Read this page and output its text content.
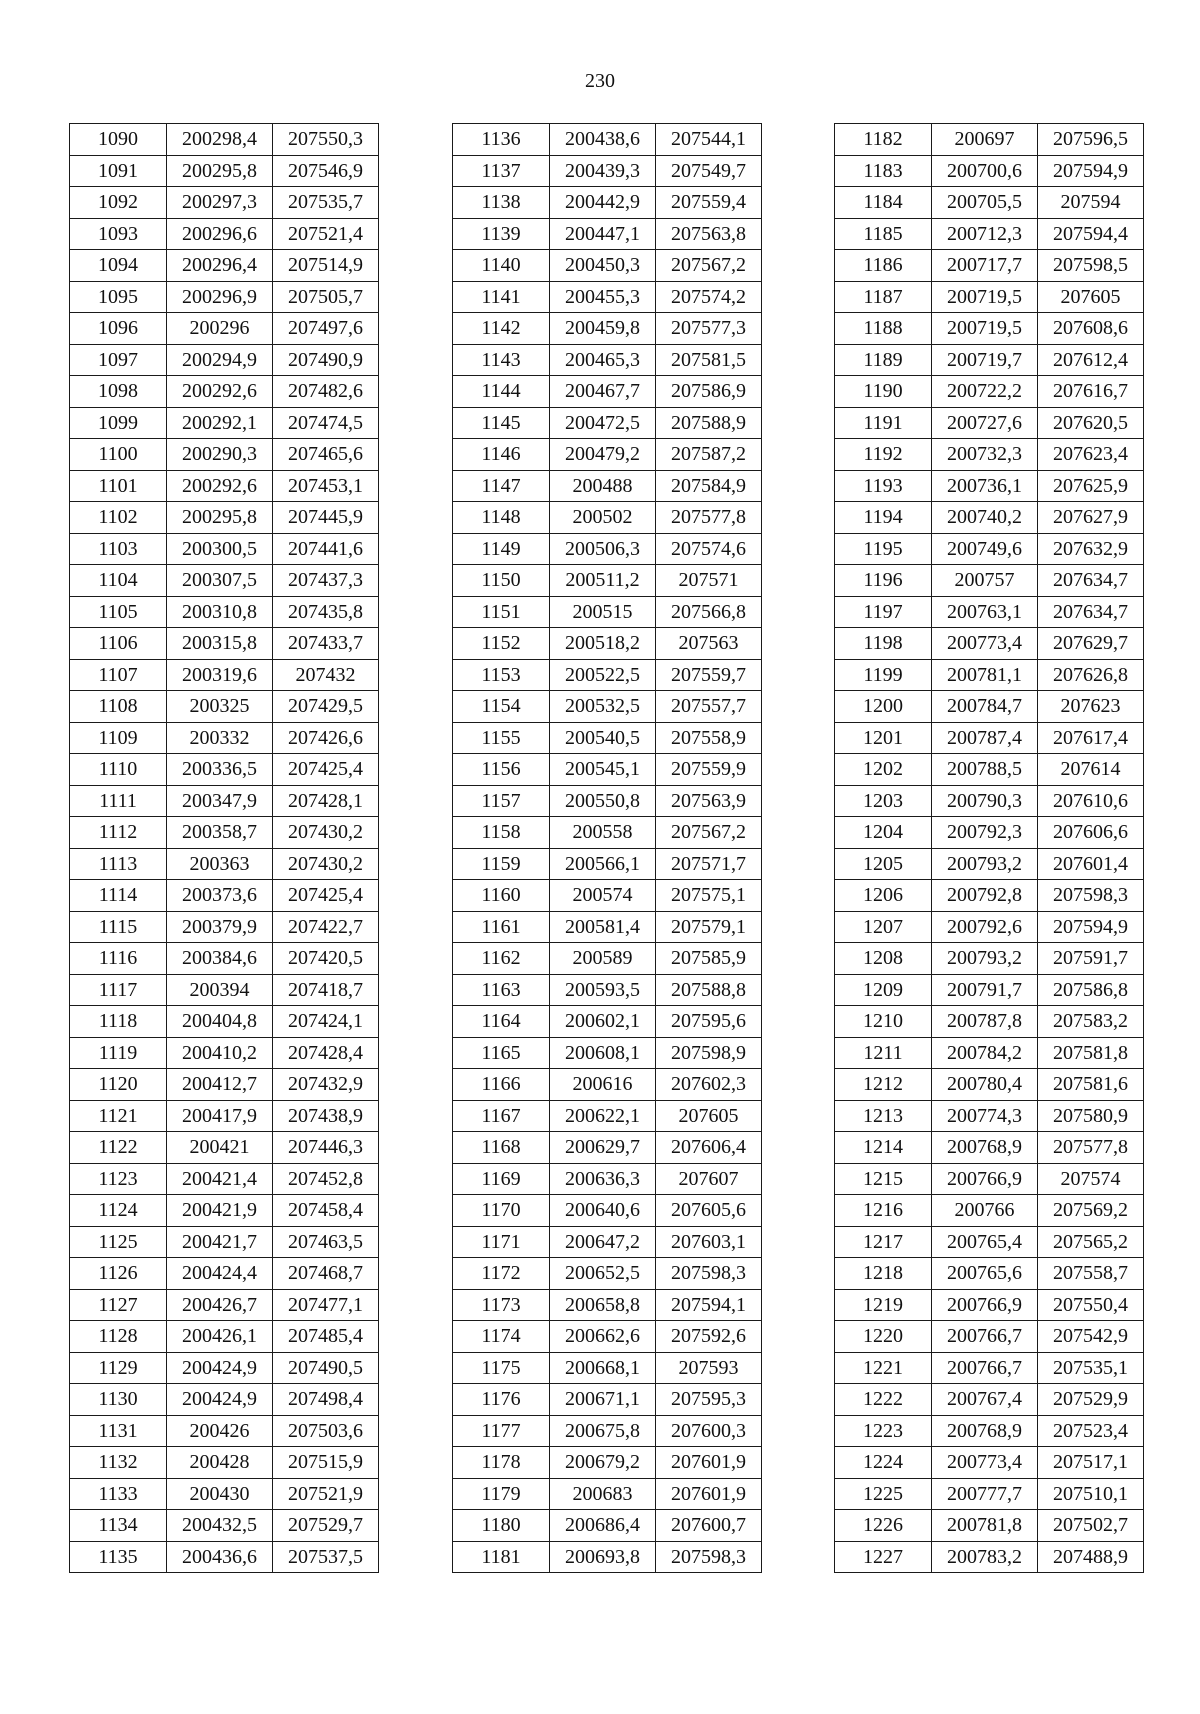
230
1090	200298,4	207550,3
1091	200295,8	207546,9
1092	200297,3	207535,7
1093	200296,6	207521,4
1094	200296,4	207514,9
1095	200296,9	207505,7
1096	200296	207497,6
1097	200294,9	207490,9
1098	200292,6	207482,6
1099	200292,1	207474,5
1100	200290,3	207465,6
1101	200292,6	207453,1
1102	200295,8	207445,9
1103	200300,5	207441,6
1104	200307,5	207437,3
1105	200310,8	207435,8
1106	200315,8	207433,7
1107	200319,6	207432
1108	200325	207429,5
1109	200332	207426,6
1110	200336,5	207425,4
1111	200347,9	207428,1
1112	200358,7	207430,2
1113	200363	207430,2
1114	200373,6	207425,4
1115	200379,9	207422,7
1116	200384,6	207420,5
1117	200394	207418,7
1118	200404,8	207424,1
1119	200410,2	207428,4
1120	200412,7	207432,9
1121	200417,9	207438,9
1122	200421	207446,3
1123	200421,4	207452,8
1124	200421,9	207458,4
1125	200421,7	207463,5
1126	200424,4	207468,7
1127	200426,7	207477,1
1128	200426,1	207485,4
1129	200424,9	207490,5
1130	200424,9	207498,4
1131	200426	207503,6
1132	200428	207515,9
1133	200430	207521,9
1134	200432,5	207529,7
1135	200436,6	207537,5
1136	200438,6	207544,1
1137	200439,3	207549,7
1138	200442,9	207559,4
1139	200447,1	207563,8
1140	200450,3	207567,2
1141	200455,3	207574,2
1142	200459,8	207577,3
1143	200465,3	207581,5
1144	200467,7	207586,9
1145	200472,5	207588,9
1146	200479,2	207587,2
1147	200488	207584,9
1148	200502	207577,8
1149	200506,3	207574,6
1150	200511,2	207571
1151	200515	207566,8
1152	200518,2	207563
1153	200522,5	207559,7
1154	200532,5	207557,7
1155	200540,5	207558,9
1156	200545,1	207559,9
1157	200550,8	207563,9
1158	200558	207567,2
1159	200566,1	207571,7
1160	200574	207575,1
1161	200581,4	207579,1
1162	200589	207585,9
1163	200593,5	207588,8
1164	200602,1	207595,6
1165	200608,1	207598,9
1166	200616	207602,3
1167	200622,1	207605
1168	200629,7	207606,4
1169	200636,3	207607
1170	200640,6	207605,6
1171	200647,2	207603,1
1172	200652,5	207598,3
1173	200658,8	207594,1
1174	200662,6	207592,6
1175	200668,1	207593
1176	200671,1	207595,3
1177	200675,8	207600,3
1178	200679,2	207601,9
1179	200683	207601,9
1180	200686,4	207600,7
1181	200693,8	207598,3
1182	200697	207596,5
1183	200700,6	207594,9
1184	200705,5	207594
1185	200712,3	207594,4
1186	200717,7	207598,5
1187	200719,5	207605
1188	200719,5	207608,6
1189	200719,7	207612,4
1190	200722,2	207616,7
1191	200727,6	207620,5
1192	200732,3	207623,4
1193	200736,1	207625,9
1194	200740,2	207627,9
1195	200749,6	207632,9
1196	200757	207634,7
1197	200763,1	207634,7
1198	200773,4	207629,7
1199	200781,1	207626,8
1200	200784,7	207623
1201	200787,4	207617,4
1202	200788,5	207614
1203	200790,3	207610,6
1204	200792,3	207606,6
1205	200793,2	207601,4
1206	200792,8	207598,3
1207	200792,6	207594,9
1208	200793,2	207591,7
1209	200791,7	207586,8
1210	200787,8	207583,2
1211	200784,2	207581,8
1212	200780,4	207581,6
1213	200774,3	207580,9
1214	200768,9	207577,8
1215	200766,9	207574
1216	200766	207569,2
1217	200765,4	207565,2
1218	200765,6	207558,7
1219	200766,9	207550,4
1220	200766,7	207542,9
1221	200766,7	207535,1
1222	200767,4	207529,9
1223	200768,9	207523,4
1224	200773,4	207517,1
1225	200777,7	207510,1
1226	200781,8	207502,7
1227	200783,2	207488,9
